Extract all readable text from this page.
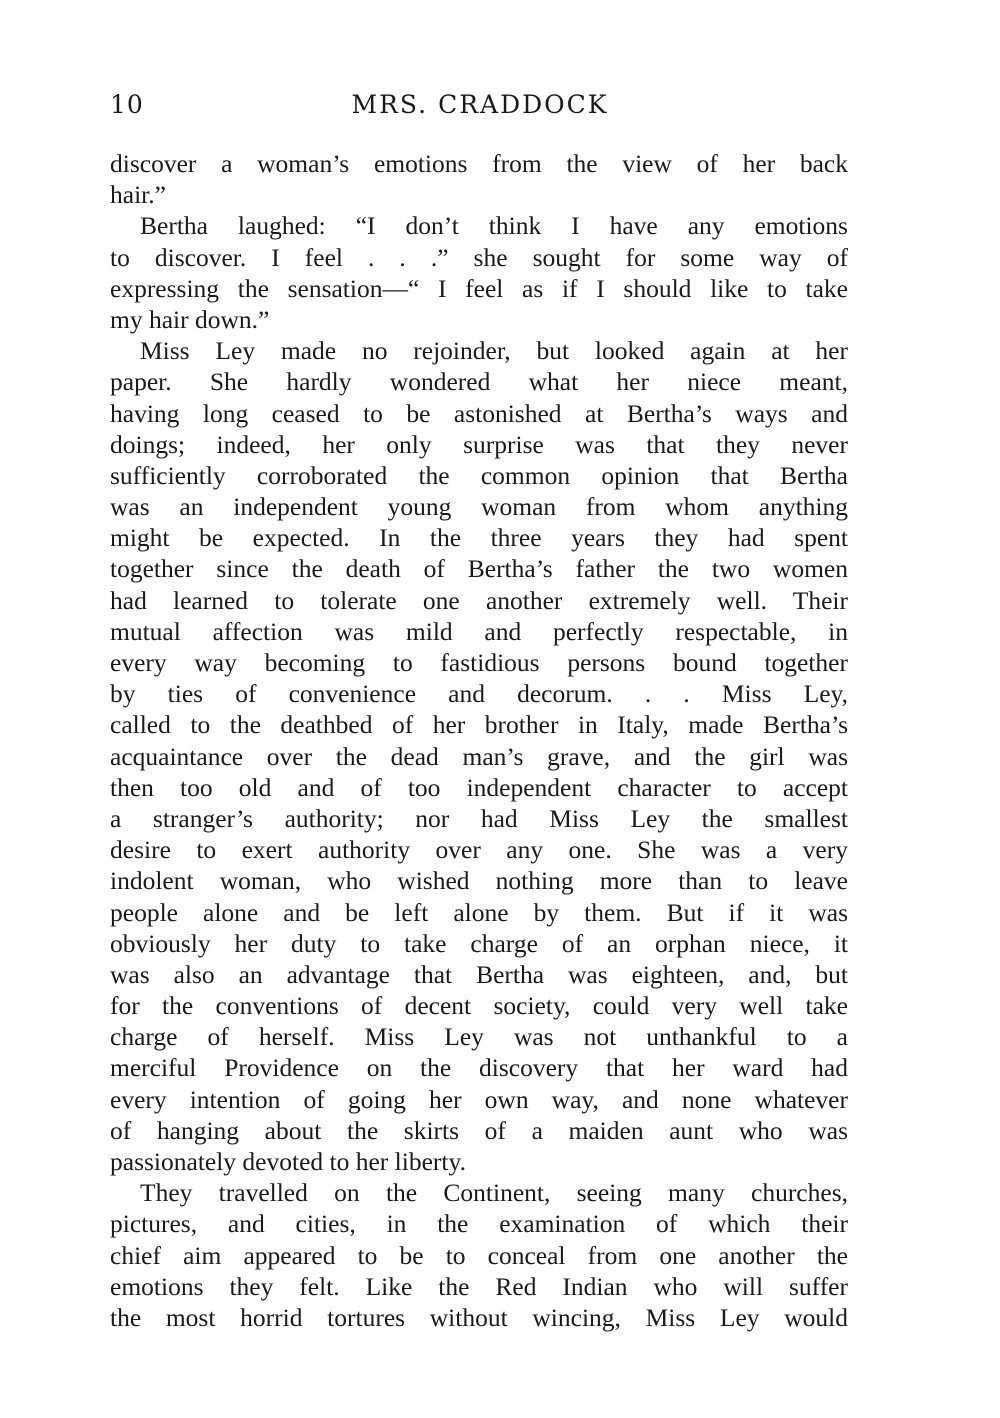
10	MRS. CRADDOCK
discover a woman’s emotions from the view of her back
hair.”
Bertha laughed: “I don’t think I have any emotions
to discover. I feel . . .” she sought for some way of
expressing the sensation—“ I feel as if I should like to take
my hair down.”
Miss Ley made no rejoinder, but looked again at her
paper. She hardly wondered what her niece meant,
having long ceased to be astonished at Bertha’s ways and
doings; indeed, her only surprise was that they never
sufficiently corroborated the common opinion that Bertha
was an independent young woman from whom anything
might be expected. In the three years they had spent
together since the death of Bertha’s father the two women
had learned to tolerate one another extremely well. Their
mutual affection was mild and perfectly respectable, in
every way becoming to fastidious persons bound together
by ties of convenience and decorum. . . Miss Ley,
called to the deathbed of her brother in Italy, made Bertha’s
acquaintance over the dead man’s grave, and the girl was
then too old and of too independent character to accept
a stranger’s authority; nor had Miss Ley the smallest
desire to exert authority over any one. She was a very
indolent woman, who wished nothing more than to leave
people alone and be left alone by them. But if it was
obviously her duty to take charge of an orphan niece, it
was also an advantage that Bertha was eighteen, and, but
for the conventions of decent society, could very well take
charge of herself. Miss Ley was not unthankful to a
merciful Providence on the discovery that her ward had
every intention of going her own way, and none whatever
of hanging about the skirts of a maiden aunt who was
passionately devoted to her liberty.
They travelled on the Continent, seeing many churches,
pictures, and cities, in the examination of which their
chief aim appeared to be to conceal from one another the
emotions they felt. Like the Red Indian who will suffer
the most horrid tortures without wincing, Miss Ley would
